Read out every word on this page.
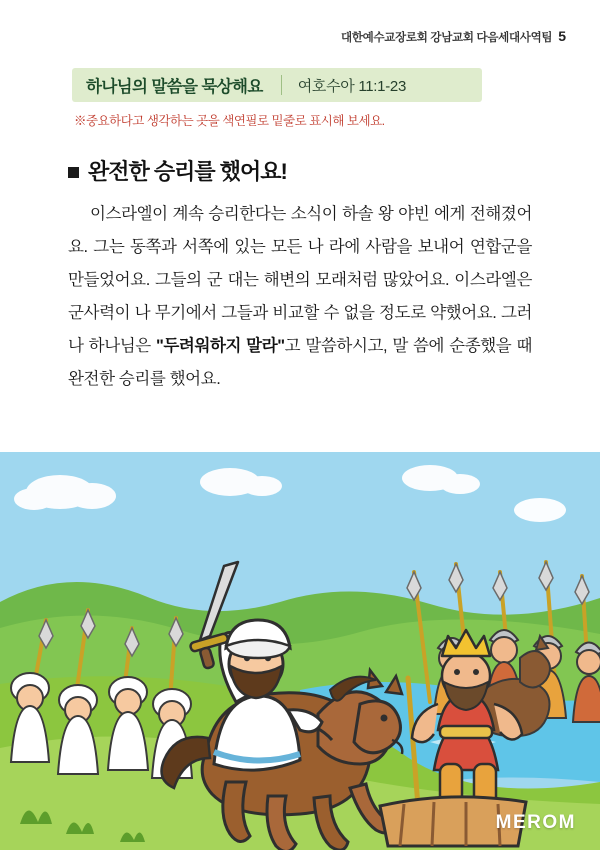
대한예수교장로회 강남교회 다음세대사역팀 5
하나님의 말씀을 묵상해요 여호수아 11:1-23
※중요하다고 생각하는 곳을 색연필로 밑줄로 표시해 보세요.
완전한 승리를 했어요!
이스라엘이 계속 승리한다는 소식이 하솔 왕 야빈 에게 전해졌어요. 그는 동쪽과 서쪽에 있는 모든 나 라에 사람을 보내어 연합군을 만들었어요. 그들의 군 대는 해변의 모래처럼 많았어요. 이스라엘은 군사력이 나 무기에서 그들과 비교할 수 없을 정도로 약했어요. 그러나 하나님은 "두려워하지 말라"고 말씀하시고, 말 씀에 순종했을 때 완전한 승리를 했어요.
MEROM
